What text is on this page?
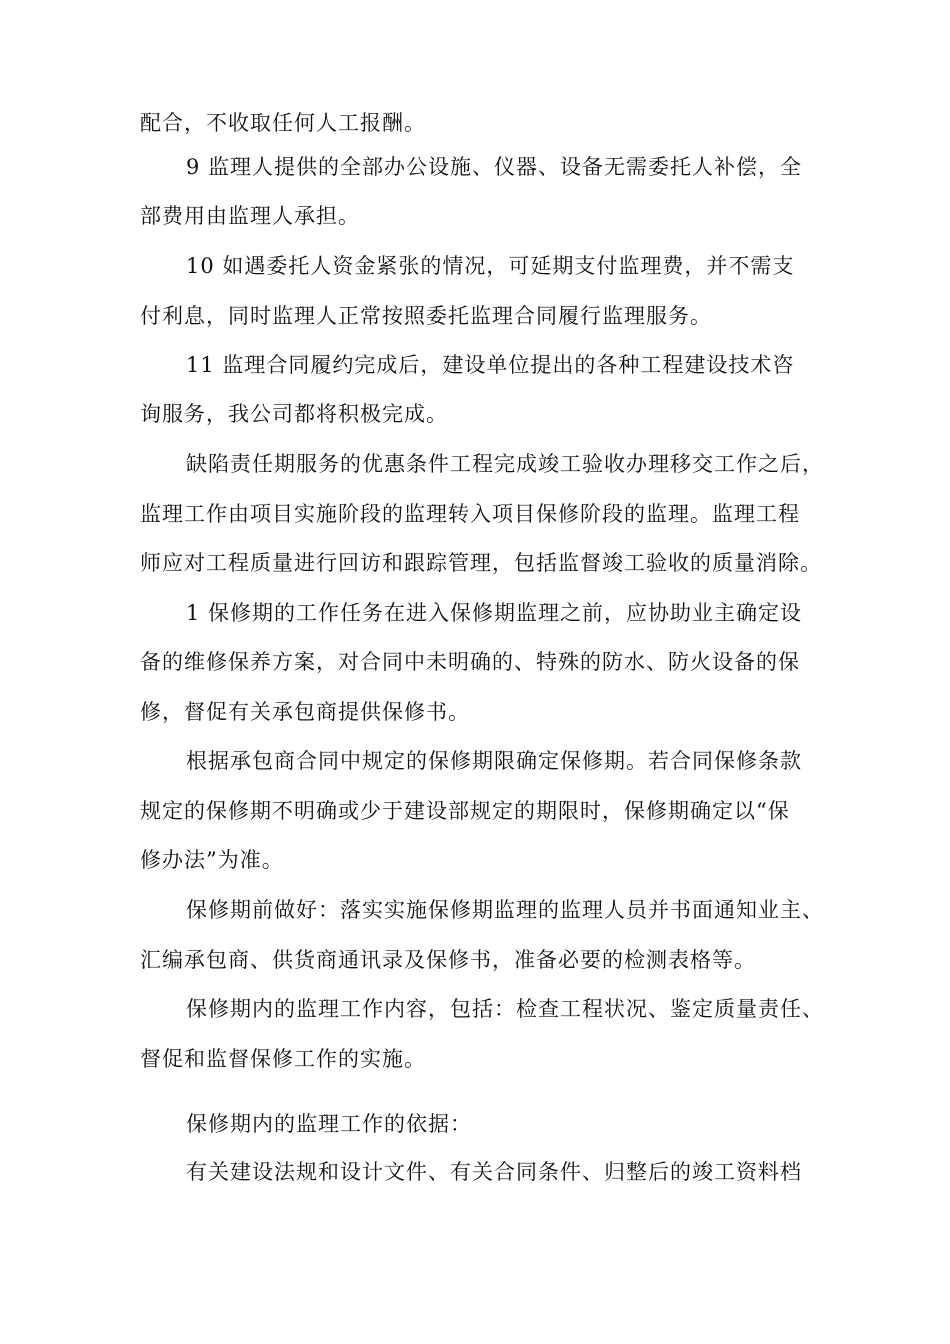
配合，不收取任何人工报酬。
9 监理人提供的全部办公设施、仪器、设备无需委托人补偿，全
部费用由监理人承担。
10 如遇委托人资金紧张的情况，可延期支付监理费，并不需支
付利息，同时监理人正常按照委托监理合同履行监理服务。
11 监理合同履约完成后，建设单位提出的各种工程建设技术咨
询服务，我公司都将积极完成。
缺陷责任期服务的优惠条件工程完成竣工验收办理移交工作之后，
监理工作由项目实施阶段的监理转入项目保修阶段的监理。监理工程
师应对工程质量进行回访和跟踪管理，包括监督竣工验收的质量消除。
1 保修期的工作任务在进入保修期监理之前，应协助业主确定设
备的维修保养方案，对合同中未明确的、特殊的防水、防火设备的保
修，督促有关承包商提供保修书。
根据承包商合同中规定的保修期限确定保修期。若合同保修条款
规定的保修期不明确或少于建设部规定的期限时，保修期确定以“保
修办法”为准。
保修期前做好：落实实施保修期监理的监理人员并书面通知业主、
汇编承包商、供货商通讯录及保修书，准备必要的检测表格等。
保修期内的监理工作内容，包括：检查工程状况、鉴定质量责任、
督促和监督保修工作的实施。
保修期内的监理工作的依据：
有关建设法规和设计文件、有关合同条件、归整后的竣工资料档
